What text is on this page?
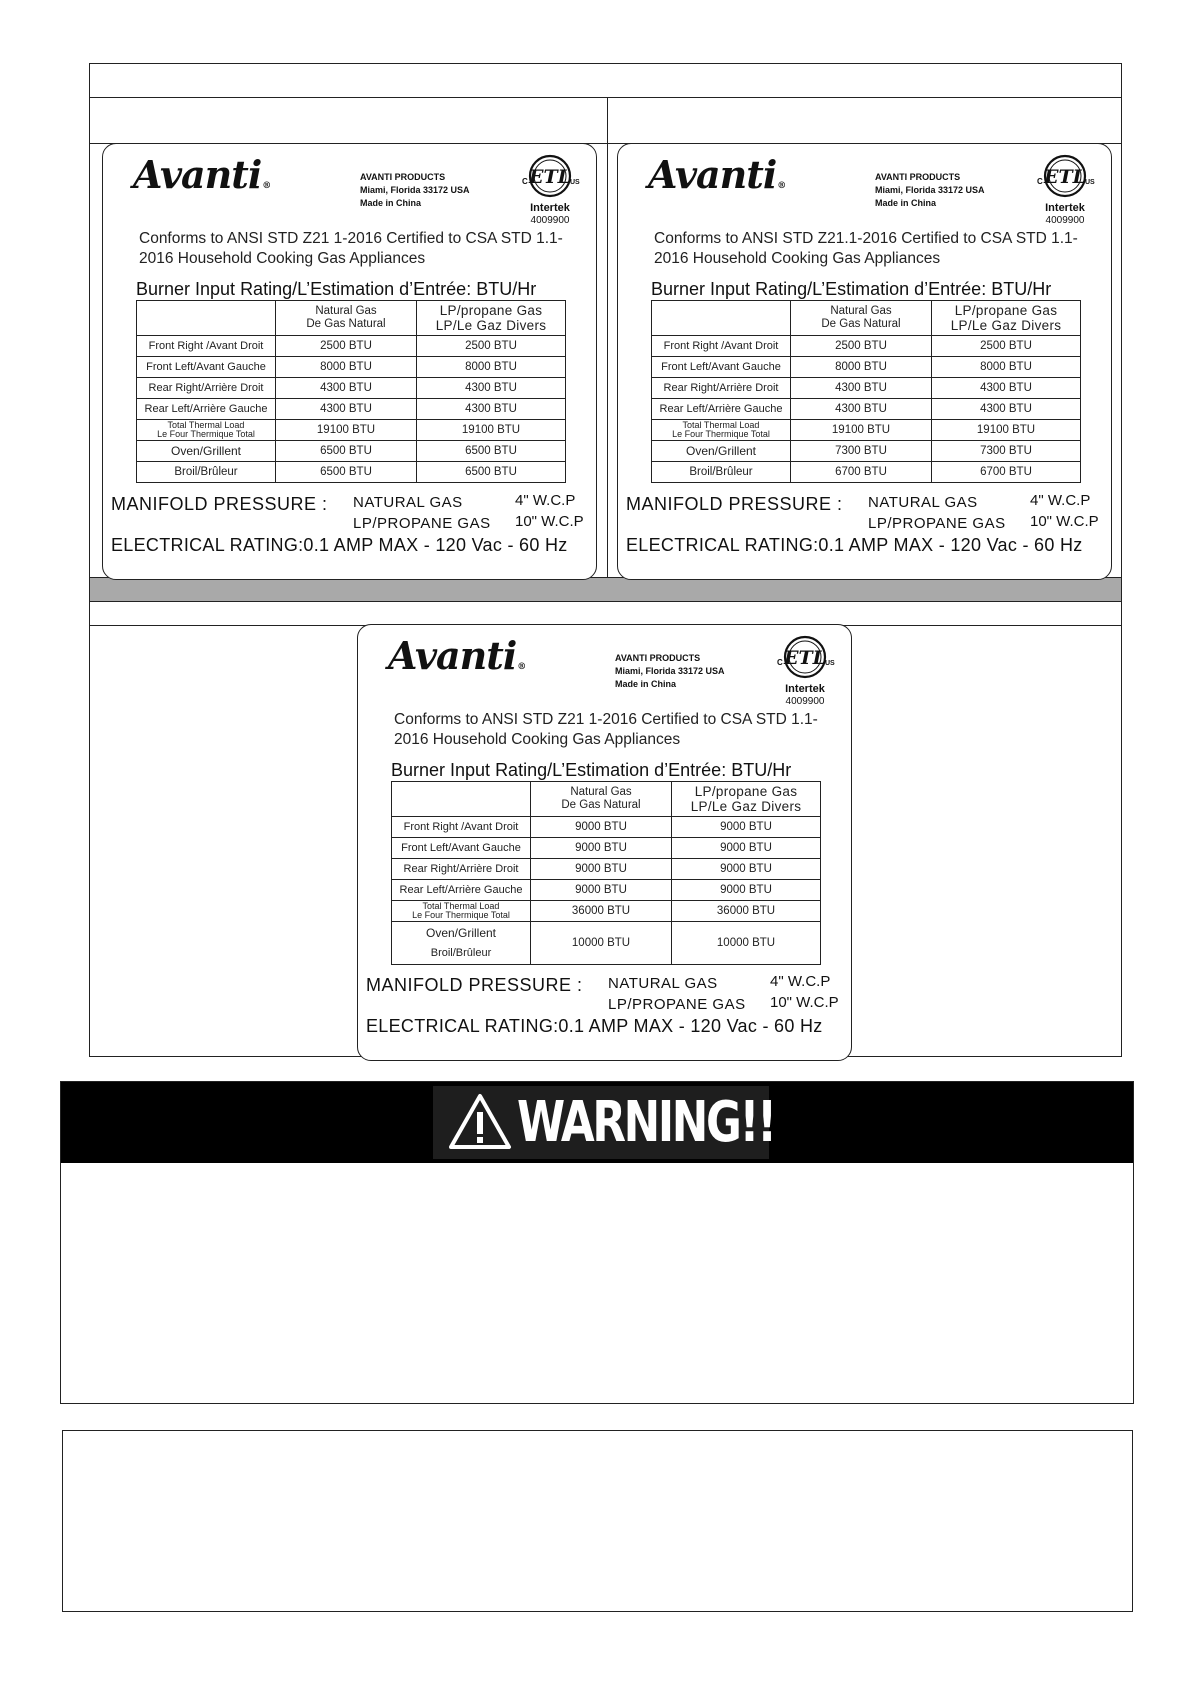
Avanti®
AVANTI PRODUCTS
Miami, Florida 33172 USA
Made in China
ETL
C	US
Intertek
4009900
Conforms to ANSI STD Z21 1-2016 Certified to CSA STD 1.1-2016 Household Cooking Gas Appliances
Burner Input Rating/L’Estimation d’Entrée: BTU/Hr

	Natural Gas
De Gas Natural	LP/propane Gas
LP/Le Gaz Divers

Front Right /Avant Droit	2500 BTU	2500 BTU
Front Left/Avant Gauche	8000 BTU	8000 BTU
Rear Right/Arrière Droit	4300 BTU	4300 BTU
Rear Left/Arrière Gauche	4300 BTU	4300 BTU

Total Thermal Load
Le Four Thermique Total	19100 BTU	19100 BTU
Oven/Grillent	6500 BTU	6500 BTU
Broil/Brûleur	6500 BTU	6500 BTU
MANIFOLD PRESSURE : NATURAL GAS	4" W.C.P
LP/PROPANE GAS 10" W.C.P
ELECTRICAL RATING:0.1 AMP MAX - 120 Vac - 60 Hz
Avanti®
AVANTI PRODUCTS
Miami, Florida 33172 USA
Made in China
ETL
C	US
Intertek
4009900
Conforms to ANSI STD Z21.1-2016 Certified to CSA STD 1.1-2016 Household Cooking Gas Appliances
Burner Input Rating/L’Estimation d’Entrée: BTU/Hr

	Natural Gas
De Gas Natural	LP/propane Gas
LP/Le Gaz Divers

Front Right /Avant Droit	2500 BTU	2500 BTU
Front Left/Avant Gauche	8000 BTU	8000 BTU
Rear Right/Arrière Droit	4300 BTU	4300 BTU
Rear Left/Arrière Gauche	4300 BTU	4300 BTU

Total Thermal Load
Le Four Thermique Total	19100 BTU	19100 BTU
Oven/Grillent	7300 BTU	7300 BTU
Broil/Brûleur	6700 BTU	6700 BTU
MANIFOLD PRESSURE : NATURAL GAS	4" W.C.P
LP/PROPANE GAS 10" W.C.P
ELECTRICAL RATING:0.1 AMP MAX - 120 Vac - 60 Hz
Avanti®
AVANTI PRODUCTS
Miami, Florida 33172 USA
Made in China
ETL
C	US
Intertek
4009900
Conforms to ANSI STD Z21 1-2016 Certified to CSA STD 1.1-2016 Household Cooking Gas Appliances
Burner Input Rating/L’Estimation d’Entrée: BTU/Hr

	Natural Gas
De Gas Natural	LP/propane Gas
LP/Le Gaz Divers

Front Right /Avant Droit	9000 BTU	9000 BTU
Front Left/Avant Gauche	9000 BTU	9000 BTU
Rear Right/Arrière Droit	9000 BTU	9000 BTU
Rear Left/Arrière Gauche	9000 BTU	9000 BTU

Total Thermal Load
Le Four Thermique Total	36000 BTU	36000 BTU

Oven/Grillent
Broil/Brûleur	10000 BTU	10000 BTU
MANIFOLD PRESSURE : NATURAL GAS	4" W.C.P
LP/PROPANE GAS 10" W.C.P
ELECTRICAL RATING:0.1 AMP MAX - 120 Vac - 60 Hz
WARNING!!
